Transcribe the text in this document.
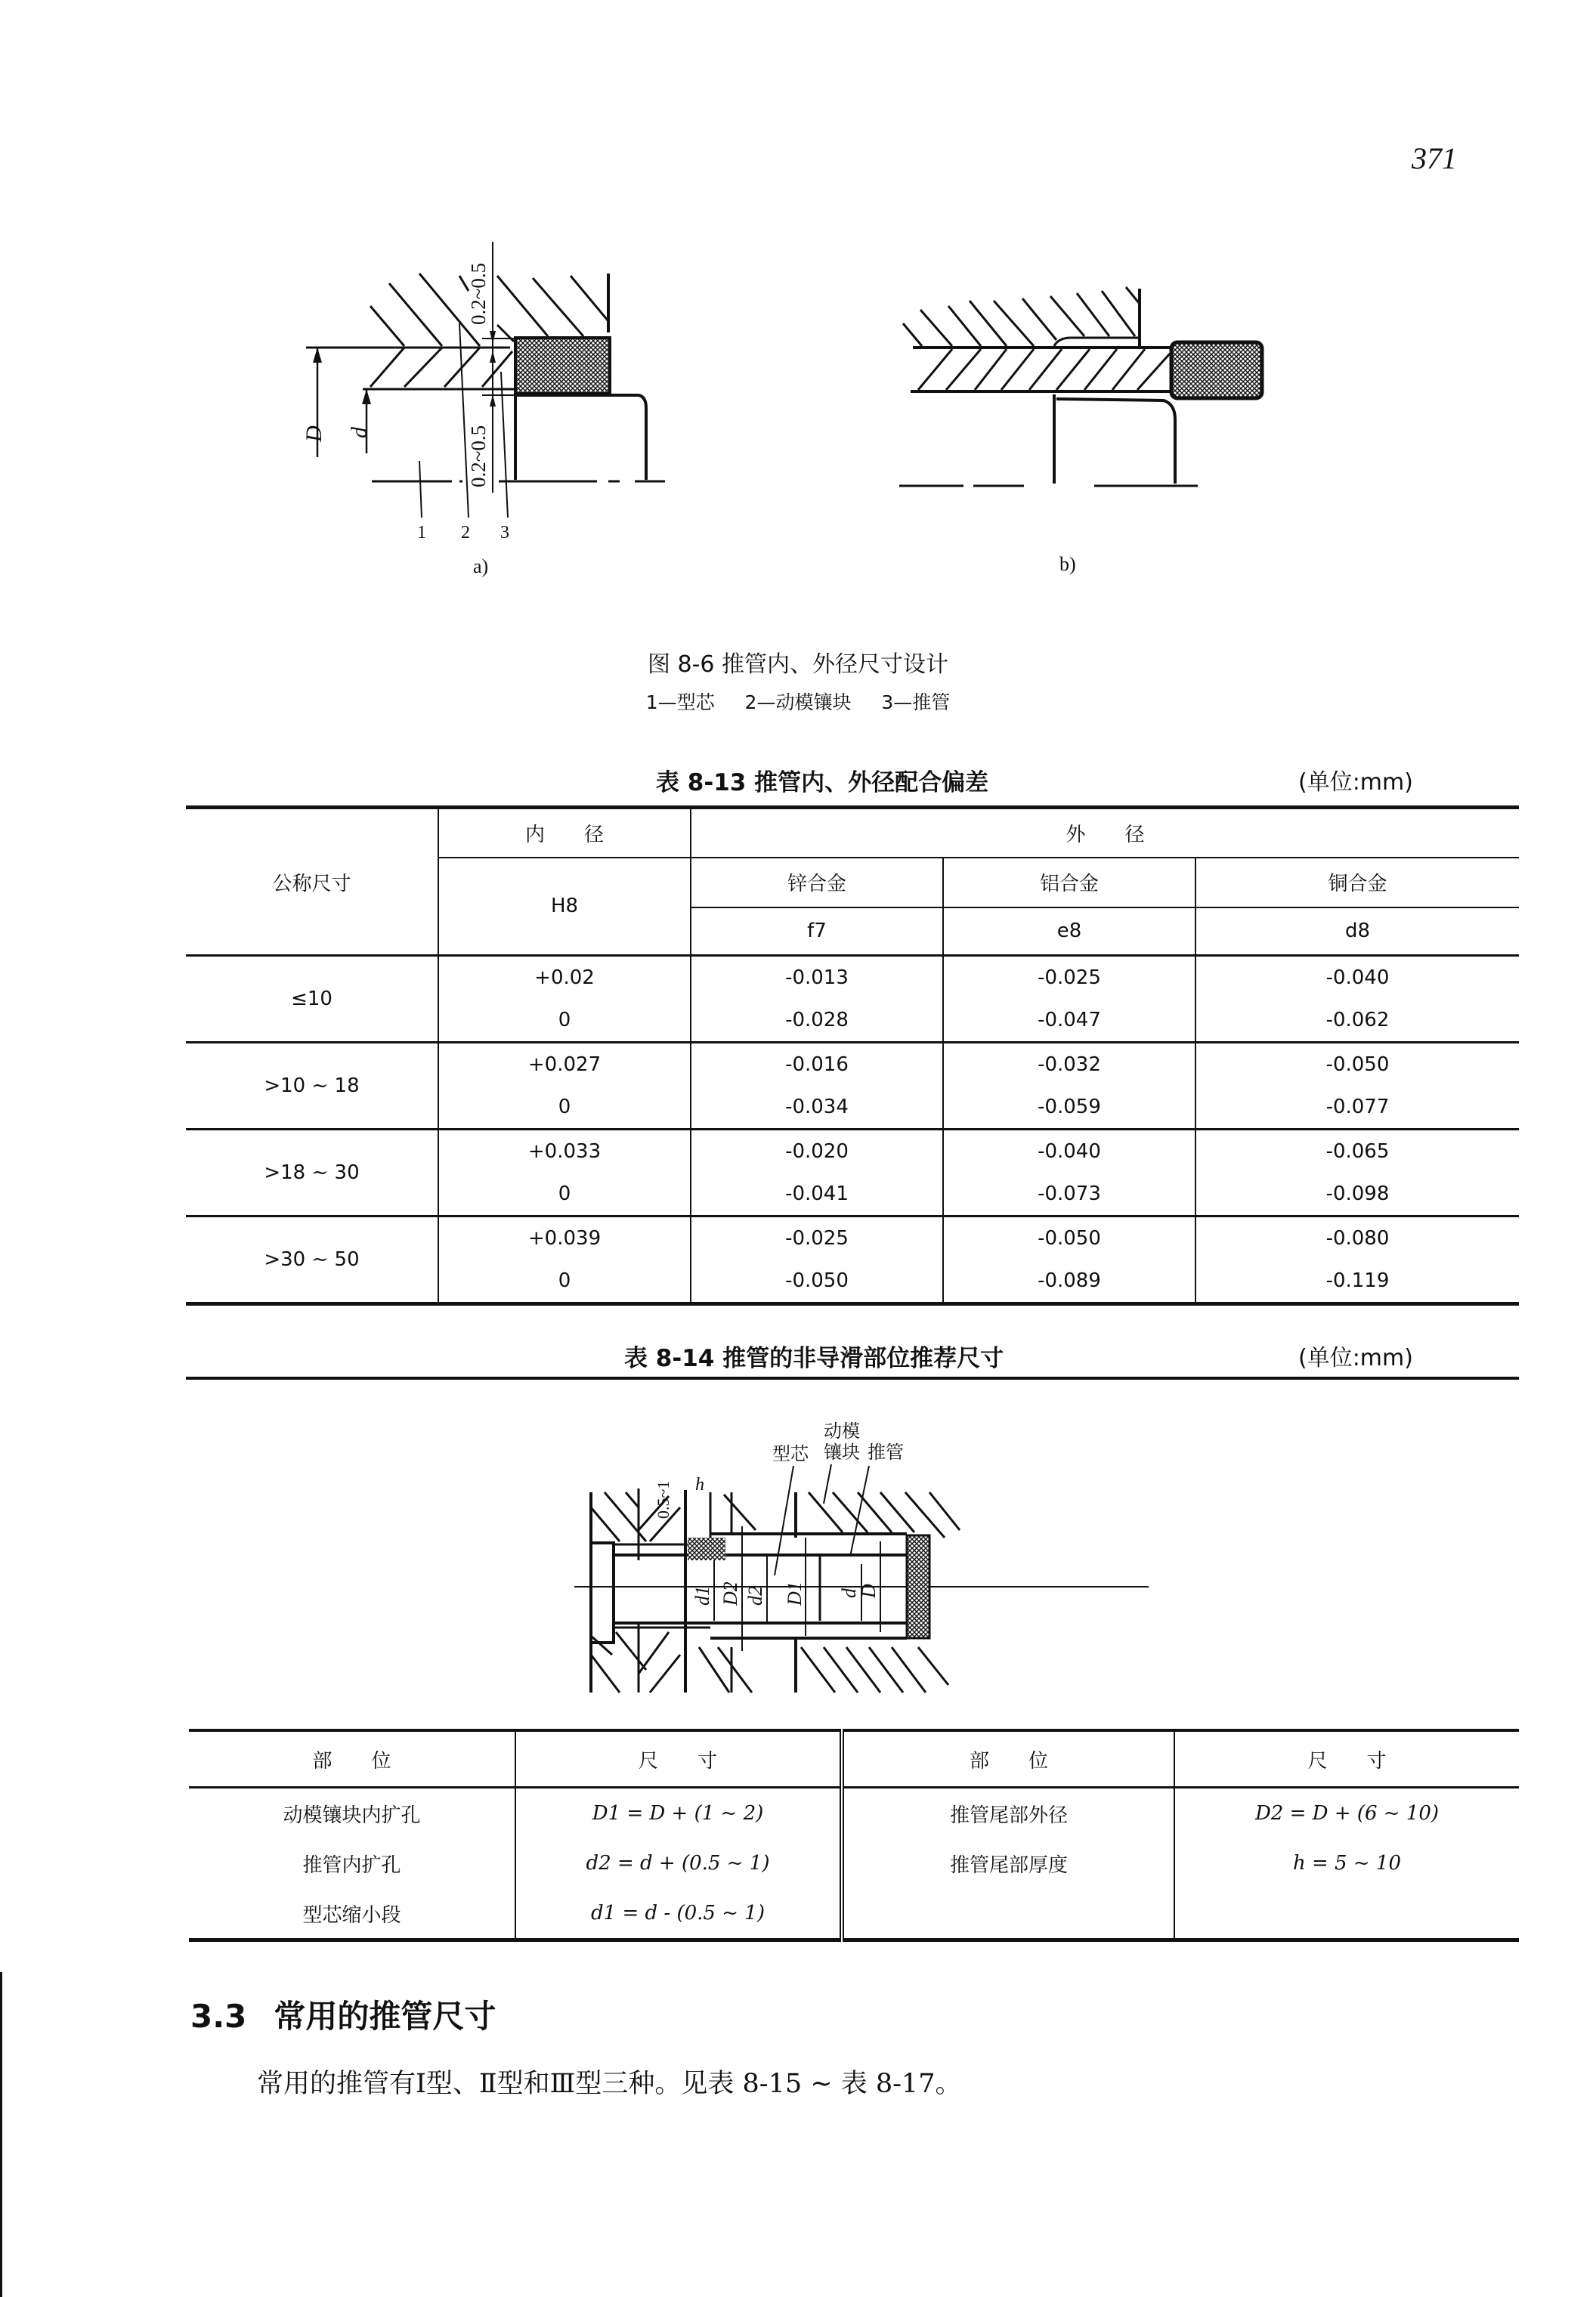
371
D d
0.2~0.5
0.2~0.5
1 2 3
a)	b)
图 8-6 推管内、外径尺寸设计
1—型芯 2—动模镶块 3—推管
表 8-13 推管内、外径配合偏差	(单位:mm)
公称尺寸	内　　径	外　　径		
	H8	锌合金	铝合金	铜合金
		f7	e8	d8
≤10	+0.02	-0.013	-0.025	-0.040
	0	-0.028	-0.047	-0.062
>10 ~ 18	+0.027	-0.016	-0.032	-0.050
	0	-0.034	-0.059	-0.077
>18 ~ 30	+0.033	-0.020	-0.040	-0.065
	0	-0.041	-0.073	-0.098
>30 ~ 50	+0.039	-0.025	-0.050	-0.080
	0	-0.050	-0.089	-0.119
表 8-14 推管的非导滑部位推荐尺寸	(单位:mm)
型芯
动模
镶块 推管
0.5~1 h
d1 D2 d2 D1 d
D
部　　位	尺　　寸	部　　位	尺　　寸
动模镶块内扩孔	D1 = D + (1 ~ 2)	推管尾部外径	D2 = D + (6 ~ 10)
推管内扩孔	d2 = d + (0.5 ~ 1)	推管尾部厚度	h = 5 ~ 10
型芯缩小段	d1 = d - (0.5 ~ 1)		
3.3 常用的推管尺寸
常用的推管有Ⅰ型、Ⅱ型和Ⅲ型三种。见表 8-15 ~ 表 8-17。
